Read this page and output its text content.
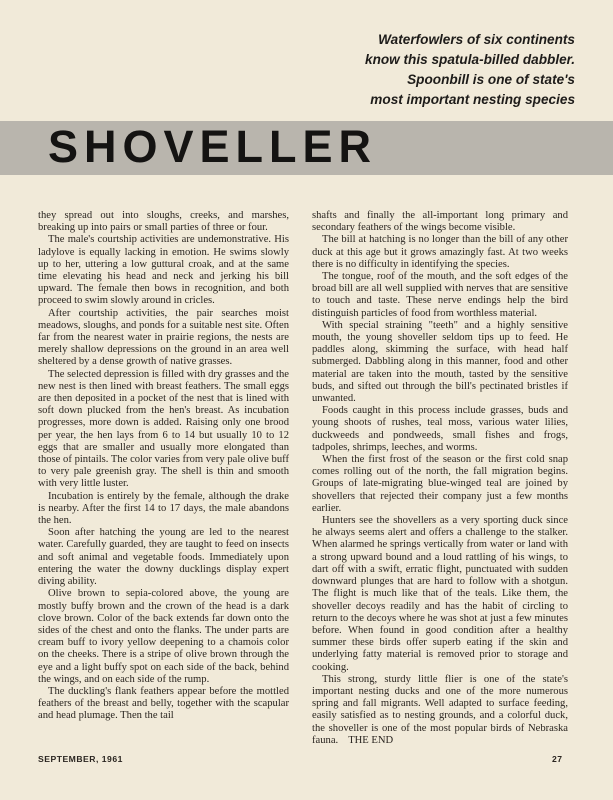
Waterfowlers of six continents
know this spatula-billed dabbler.
Spoonbill is one of state's
most important nesting species
SHOVELLER

they spread out into sloughs, creeks, and marshes, breaking up into pairs or small parties of three or four.

The male's courtship activities are undemonstrative. His ladylove is equally lacking in emotion. He swims slowly up to her, uttering a low guttural croak, and at the same time elevating his head and neck and jerking his bill upward. The female then bows in recognition, and both proceed to swim slowly around in cricles.

After courtship activities, the pair searches moist meadows, sloughs, and ponds for a suitable nest site. Often far from the nearest water in prairie regions, the nests are merely shallow depressions on the ground in an area well sheltered by a dense growth of native grasses.

The selected depression is filled with dry grasses and the new nest is then lined with breast feathers. The small eggs are then deposited in a pocket of the nest that is lined with soft down plucked from the hen's breast. As incubation progresses, more down is added. Raising only one brood per year, the hen lays from 6 to 14 but usually 10 to 12 eggs that are smaller and usually more elongated than those of pintails. The color varies from very pale olive buff to very pale greenish gray. The shell is thin and smooth with very little luster.

Incubation is entirely by the female, although the drake is nearby. After the first 14 to 17 days, the male abandons the hen.

Soon after hatching the young are led to the nearest water. Carefully guarded, they are taught to feed on insects and soft animal and vegetable foods. Immediately upon entering the water the downy ducklings display expert diving ability.

Olive brown to sepia-colored above, the young are mostly buffy brown and the crown of the head is a dark clove brown. Color of the back extends far down onto the sides of the chest and onto the flanks. The under parts are cream buff to ivory yellow deepening to a chamois color on the cheeks. There is a stripe of olive brown through the eye and a light buffy spot on each side of the back, behind the wings, and on each side of the rump.

The duckling's flank feathers appear before the mottled feathers of the breast and belly, together with the scapular and head plumage. Then the tail

shafts and finally the all-important long primary and secondary feathers of the wings become visible.

The bill at hatching is no longer than the bill of any other duck at this age but it grows amazingly fast. At two weeks there is no difficulty in identifying the species.

The tongue, roof of the mouth, and the soft edges of the broad bill are all well supplied with nerves that are sensitive to touch and taste. These nerve endings help the bird distinguish particles of food from worthless material.

With special straining "teeth" and a highly sensitive mouth, the young shoveller seldom tips up to feed. He paddles along, skimming the surface, with head half submerged. Dabbling along in this manner, food and other material are taken into the mouth, tasted by the sensitive buds, and sifted out through the bill's pectinated bristles if unwanted.

Foods caught in this process include grasses, buds and young shoots of rushes, teal moss, various water lilies, duckweeds and pondweeds, small fishes and frogs, tadpoles, shrimps, leeches, and worms.

When the first frost of the season or the first cold snap comes rolling out of the north, the fall migration begins. Groups of late-migrating blue-winged teal are joined by shovellers that rejected their company just a few months earlier.

Hunters see the shovellers as a very sporting duck since he always seems alert and offers a challenge to the stalker. When alarmed he springs vertically from water or land with a strong upward bound and a loud rattling of his wings, to dart off with a swift, erratic flight, punctuated with sudden downward plunges that are hard to follow with a shotgun. The flight is much like that of the teals. Like them, the shoveller decoys readily and has the habit of circling to return to the decoys where he was shot at just a few minutes before. When found in good condition after a healthy summer these birds offer superb eating if the skin and underlying fatty material is removed prior to storage and cooking.

This strong, sturdy little flier is one of the state's important nesting ducks and one of the more numerous spring and fall migrants. Well adapted to surface feeding, easily satisfied as to nesting grounds, and a colorful duck, the shoveller is one of the most popular birds of Nebraska fauna. THE END

SEPTEMBER, 1961	27
